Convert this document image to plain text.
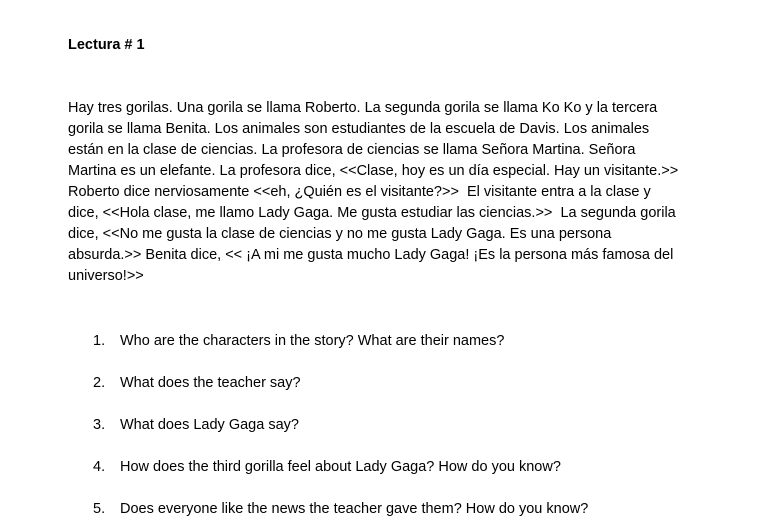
Lectura # 1

Hay tres gorilas. Una gorila se llama Roberto. La segunda gorila se llama Ko Ko y la tercera
gorila se llama Benita. Los animales son estudiantes de la escuela de Davis. Los animales
están en la clase de ciencias. La profesora de ciencias se llama Señora Martina. Señora
Martina es un elefante. La profesora dice, <<Clase, hoy es un día especial. Hay un visitante.>>
Roberto dice nerviosamente <<eh, ¿Quién es el visitante?>>  El visitante entra a la clase y
dice, <<Hola clase, me llamo Lady Gaga. Me gusta estudiar las ciencias.>>  La segunda gorila
dice, <<No me gusta la clase de ciencias y no me gusta Lady Gaga. Es una persona
absurda.>> Benita dice, << ¡A mi me gusta mucho Lady Gaga! ¡Es la persona más famosa del
universo!>>
1.	Who are the characters in the story? What are their names?
2.	What does the teacher say?
3.	What does Lady Gaga say?
4.	How does the third gorilla feel about Lady Gaga? How do you know?
5.	Does everyone like the news the teacher gave them? How do you know?
